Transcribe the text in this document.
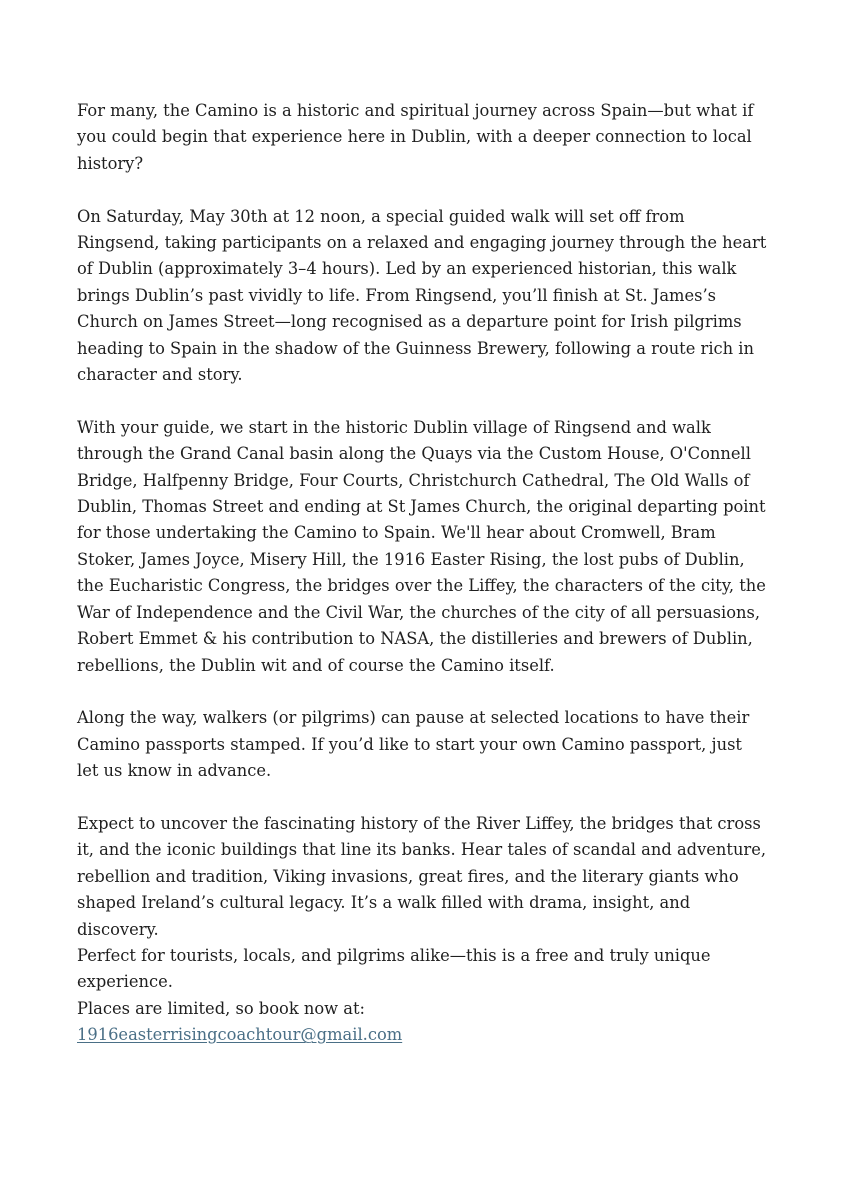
For many, the Camino is a historic and spiritual journey across Spain—but what if you could begin that experience here in Dublin, with a deeper connection to local history?

On Saturday, May 30th at 12 noon, a special guided walk will set off from Ringsend, taking participants on a relaxed and engaging journey through the heart of Dublin (approximately 3–4 hours). Led by an experienced historian, this walk brings Dublin’s past vividly to life. From Ringsend, you’ll finish at St. James’s Church on James Street—long recognised as a departure point for Irish pilgrims heading to Spain in the shadow of the Guinness Brewery, following a route rich in character and story.

With your guide, we start in the historic Dublin village of Ringsend and walk through the Grand Canal basin along the Quays via the Custom House, O'Connell Bridge, Halfpenny Bridge, Four Courts, Christchurch Cathedral, The Old Walls of Dublin, Thomas Street and ending at St James Church, the original departing point for those undertaking the Camino to Spain. We'll hear about Cromwell, Bram Stoker, James Joyce, Misery Hill, the 1916 Easter Rising, the lost pubs of Dublin, the Eucharistic Congress, the bridges over the Liffey, the characters of the city, the War of Independence and the Civil War, the churches of the city of all persuasions, Robert Emmet & his contribution to NASA, the distilleries and brewers of Dublin, rebellions, the Dublin wit and of course the Camino itself.

Along the way, walkers (or pilgrims) can pause at selected locations to have their Camino passports stamped. If you’d like to start your own Camino passport, just let us know in advance.

Expect to uncover the fascinating history of the River Liffey, the bridges that cross it, and the iconic buildings that line its banks. Hear tales of scandal and adventure, rebellion and tradition, Viking invasions, great fires, and the literary giants who shaped Ireland’s cultural legacy. It’s a walk filled with drama, insight, and discovery.

Perfect for tourists, locals, and pilgrims alike—this is a free and truly unique experience.

Places are limited, so book now at:

1916easterrisingcoachtour@gmail.com
